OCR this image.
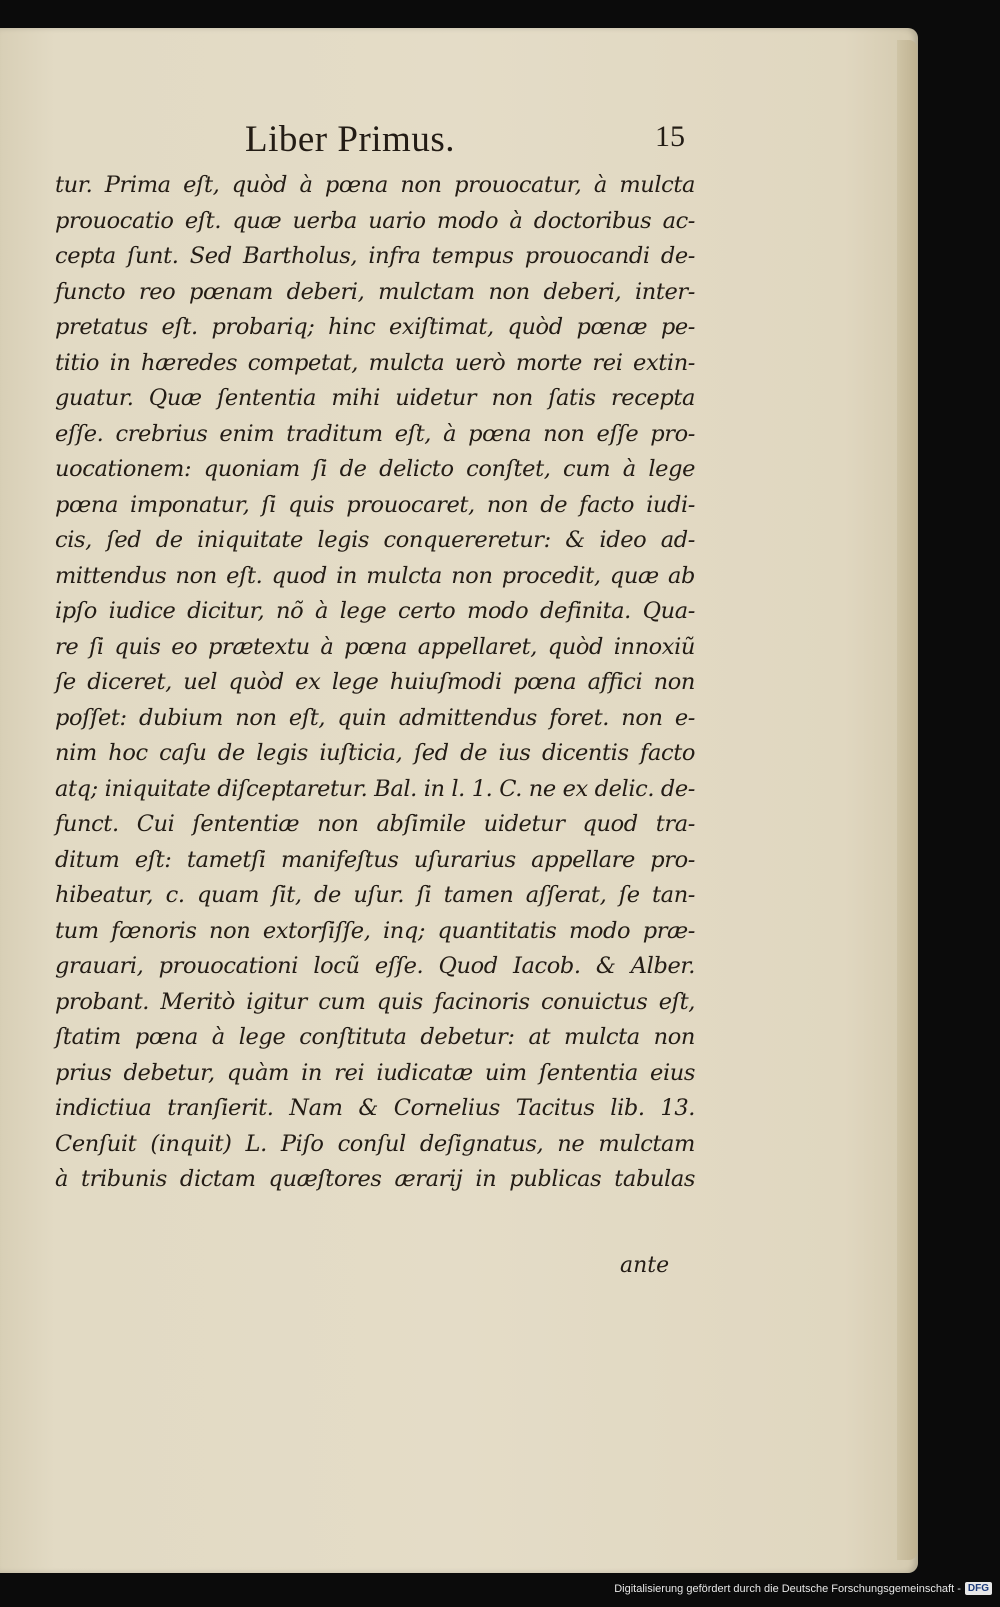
Liber Primus.	15
tur. Prima eſt, quòd à pœna non prouocatur, à mulcta
prouocatio eſt. quæ uerba uario modo à doctoribus ac-
cepta ſunt. Sed Bartholus, infra tempus prouocandi de-
functo reo pœnam deberi, mulctam non deberi, inter-
pretatus eſt. probariq; hinc exiſtimat, quòd pœnæ pe-
titio in hæredes competat, mulcta uerò morte rei extin-
guatur. Quæ ſententia mihi uidetur non ſatis recepta
eſſe. crebrius enim traditum eſt, à pœna non eſſe pro-
uocationem: quoniam ſi de delicto conſtet, cum à lege
pœna imponatur, ſi quis prouocaret, non de facto iudi-
cis, ſed de iniquitate legis conquereretur: & ideo ad-
mittendus non eſt. quod in mulcta non procedit, quæ ab
ipſo iudice dicitur, nõ à lege certo modo definita. Qua-
re ſi quis eo prætextu à pœna appellaret, quòd innoxiũ
ſe diceret, uel quòd ex lege huiuſmodi pœna affici non
poſſet: dubium non eſt, quin admittendus foret. non e-
nim hoc caſu de legis iuſticia, ſed de ius dicentis facto
atq; iniquitate diſceptaretur. Bal. in l. 1. C. ne ex delic. de-
funct. Cui ſententiæ non abſimile uidetur quod tra-
ditum eſt: tametſi manifeſtus uſurarius appellare pro-
hibeatur, c. quam ſit, de uſur. ſi tamen aſſerat, ſe tan-
tum fœnoris non extorſiſſe, inq; quantitatis modo præ-
grauari, prouocationi locũ eſſe. Quod Iacob. & Alber.
probant. Meritò igitur cum quis facinoris conuictus eſt,
ſtatim pœna à lege conſtituta debetur: at mulcta non
prius debetur, quàm in rei iudicatæ uim ſententia eius
indictiua tranſierit. Nam & Cornelius Tacitus lib. 13.
Cenſuit (inquit) L. Piſo conſul deſignatus, ne mulctam
à tribunis dictam quæſtores ærarij in publicas tabulas
ante
Digitalisierung gefördert durch die Deutsche Forschungsgemeinschaft - DFG
